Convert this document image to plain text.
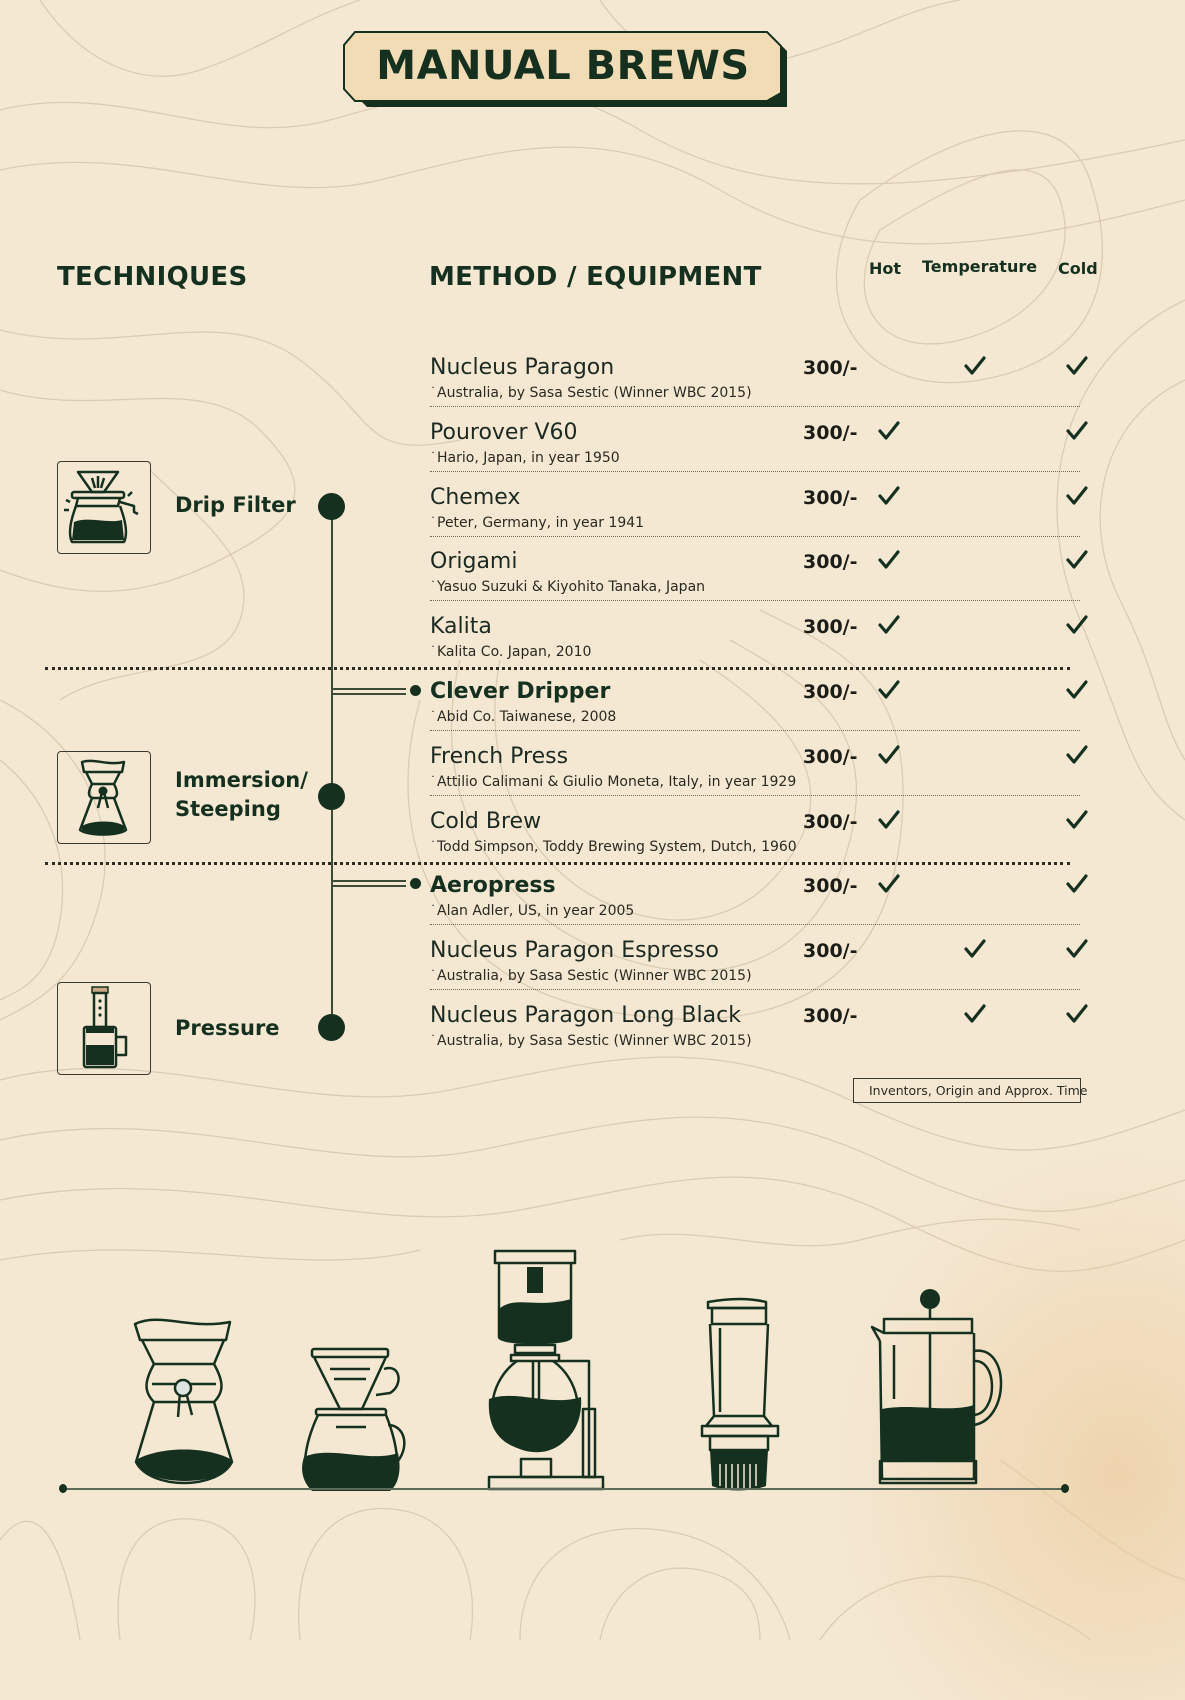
MANUAL BREWS
TECHNIQUES	METHOD / EQUIPMENT	Hot Temperature Cold
Drip Filter
Immersion/
Steeping
Pressure
Nucleus Paragon
˙ Australia, by Sasa Sestic (Winner WBC 2015)
300/-
Pourover V60
˙ Hario, Japan, in year 1950
300/-
Chemex
˙ Peter, Germany, in year 1941
300/-
Origami
˙ Yasuo Suzuki & Kiyohito Tanaka, Japan
300/-
Kalita
˙ Kalita Co. Japan, 2010
300/-
Clever Dripper
˙ Abid Co. Taiwanese, 2008
300/-
French Press
˙ Attilio Calimani & Giulio Moneta, Italy, in year 1929
300/-
Cold Brew
˙ Todd Simpson, Toddy Brewing System, Dutch, 1960
300/-
Aeropress
˙ Alan Adler, US, in year 2005
300/-
Nucleus Paragon Espresso
˙ Australia, by Sasa Sestic (Winner WBC 2015)
300/-
Nucleus Paragon Long Black
˙ Australia, by Sasa Sestic (Winner WBC 2015)
300/-
Inventors, Origin and Approx. Time
